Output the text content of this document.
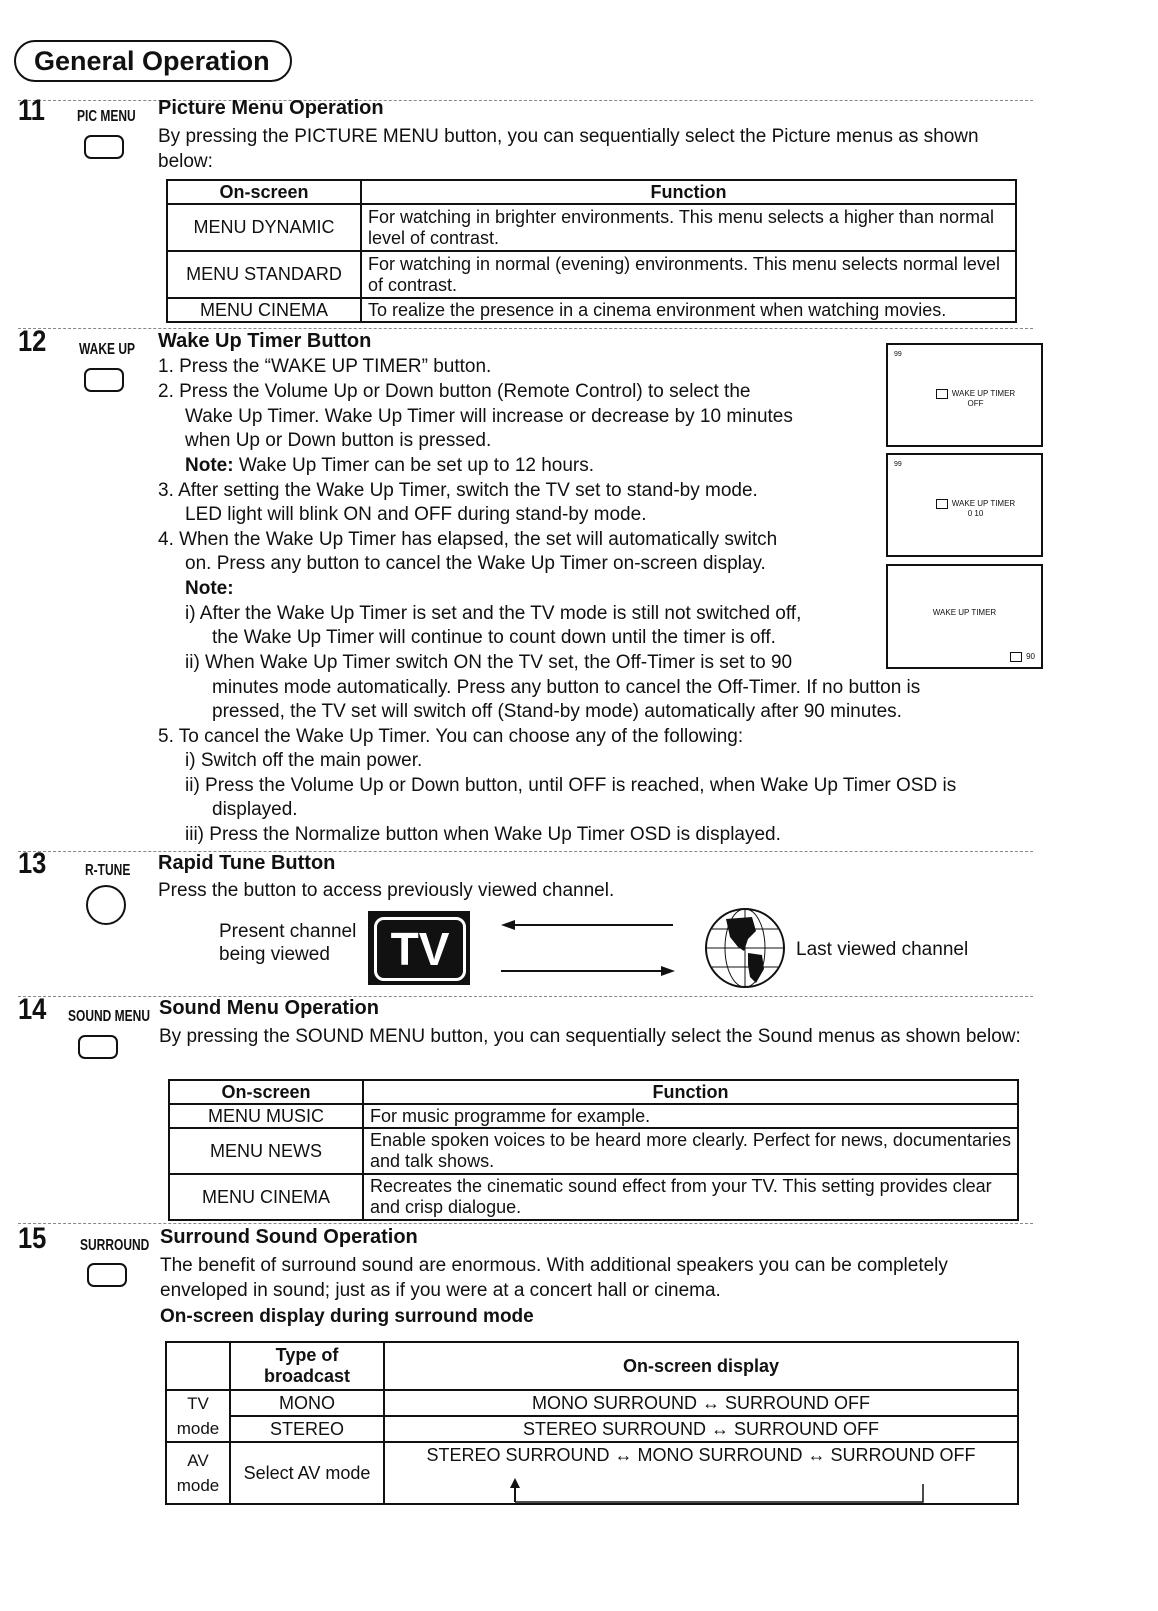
General Operation
11 PIC MENU Picture Menu Operation
By pressing the PICTURE MENU button, you can sequentially select the Picture menus as shown below:
On-screen	Function
MENU DYNAMIC	For watching in brighter environments. This menu selects a higher than normal level of contrast.
MENU STANDARD	For watching in normal (evening) environments. This menu selects normal level of contrast.
MENU CINEMA	To realize the presence in a cinema environment when watching movies.
12 WAKE UP Wake Up Timer Button
1. Press the “WAKE UP TIMER” button.
2. Press the Volume Up or Down button (Remote Control) to select the
Wake Up Timer. Wake Up Timer will increase or decrease by 10 minutes
when Up or Down button is pressed.
Note: Wake Up Timer can be set up to 12 hours.
3. After setting the Wake Up Timer, switch the TV set to stand-by mode.
LED light will blink ON and OFF during stand-by mode.
4. When the Wake Up Timer has elapsed, the set will automatically switch
on. Press any button to cancel the Wake Up Timer on-screen display.
Note:
i) After the Wake Up Timer is set and the TV mode is still not switched off,
the Wake Up Timer will continue to count down until the timer is off.
ii) When Wake Up Timer switch ON the TV set, the Off-Timer is set to 90
minutes mode automatically. Press any button to cancel the Off-Timer. If no button is
pressed, the TV set will switch off (Stand-by mode) automatically after 90 minutes.
5. To cancel the Wake Up Timer. You can choose any of the following:
i) Switch off the main power.
ii) Press the Volume Up or Down button, until OFF is reached, when Wake Up Timer OSD is
displayed.
iii) Press the Normalize button when Wake Up Timer OSD is displayed.
99
WAKE UP TIMER
OFF
99
WAKE UP TIMER
0 10
WAKE UP TIMER
90
13 R-TUNE Rapid Tune Button
Press the button to access previously viewed channel.
Present channel
being viewed	TV	Last viewed channel
14 SOUND MENU Sound Menu Operation
By pressing the SOUND MENU button, you can sequentially select the Sound menus as shown below:
On-screen	Function
MENU MUSIC	For music programme for example.
MENU NEWS	Enable spoken voices to be heard more clearly. Perfect for news, documentaries and talk shows.
MENU CINEMA	Recreates the cinematic sound effect from your TV. This setting provides clear and crisp dialogue.
15 SURROUND Surround Sound Operation
The benefit of surround sound are enormous. With additional speakers you can be completely enveloped in sound; just as if you were at a concert hall or cinema.
On-screen display during surround mode
	Type of broadcast	On-screen display
TV mode	MONO	MONO SURROUND ↔ SURROUND OFF
	STEREO	STEREO SURROUND ↔ SURROUND OFF
AV mode	Select AV mode	STEREO SURROUND ↔ MONO SURROUND ↔ SURROUND OFF
